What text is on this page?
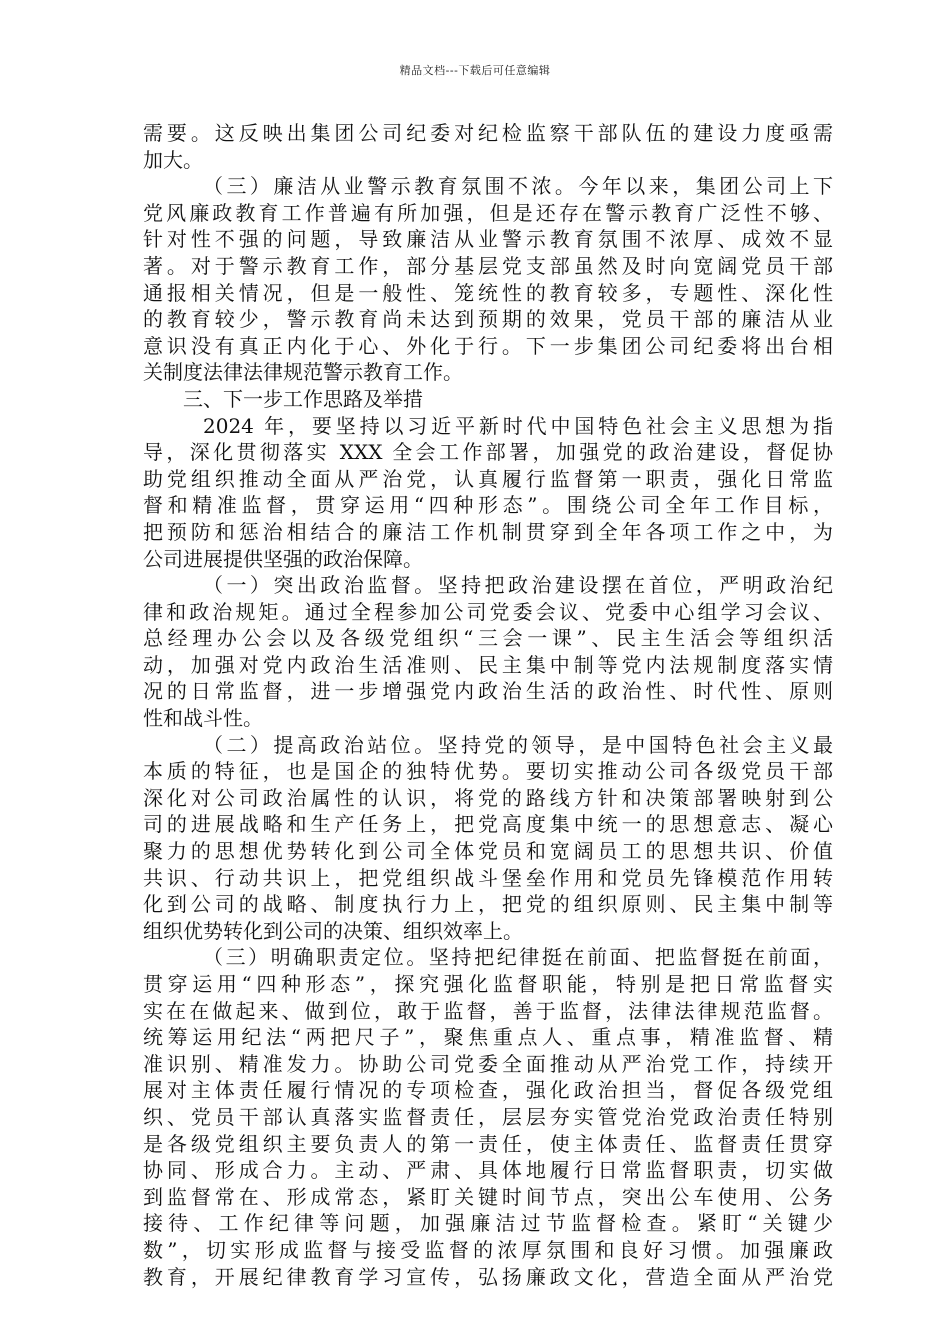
精品文档---下载后可任意编辑
需要。这反映出集团公司纪委对纪检监察干部队伍的建设力度亟需
加大。
（三）廉洁从业警示教育氛围不浓。今年以来，集团公司上下
党风廉政教育工作普遍有所加强，但是还存在警示教育广泛性不够、
针对性不强的问题，导致廉洁从业警示教育氛围不浓厚、成效不显
著。对于警示教育工作，部分基层党支部虽然及时向宽阔党员干部
通报相关情况，但是一般性、笼统性的教育较多，专题性、深化性
的教育较少，警示教育尚未达到预期的效果，党员干部的廉洁从业
意识没有真正内化于心、外化于行。下一步集团公司纪委将出台相
关制度法律法律规范警示教育工作。
三、下一步工作思路及举措
2024 年，要坚持以习近平新时代中国特色社会主义思想为指
导，深化贯彻落实 XXX 全会工作部署，加强党的政治建设，督促协
助党组织推动全面从严治党，认真履行监督第一职责，强化日常监
督和精准监督，贯穿运用“四种形态”。围绕公司全年工作目标，
把预防和惩治相结合的廉洁工作机制贯穿到全年各项工作之中，为
公司进展提供坚强的政治保障。
（一）突出政治监督。坚持把政治建设摆在首位，严明政治纪
律和政治规矩。通过全程参加公司党委会议、党委中心组学习会议、
总经理办公会以及各级党组织“三会一课”、民主生活会等组织活
动，加强对党内政治生活准则、民主集中制等党内法规制度落实情
况的日常监督，进一步增强党内政治生活的政治性、时代性、原则
性和战斗性。
（二）提高政治站位。坚持党的领导，是中国特色社会主义最
本质的特征，也是国企的独特优势。要切实推动公司各级党员干部
深化对公司政治属性的认识，将党的路线方针和决策部署映射到公
司的进展战略和生产任务上，把党高度集中统一的思想意志、凝心
聚力的思想优势转化到公司全体党员和宽阔员工的思想共识、价值
共识、行动共识上，把党组织战斗堡垒作用和党员先锋模范作用转
化到公司的战略、制度执行力上，把党的组织原则、民主集中制等
组织优势转化到公司的决策、组织效率上。
（三）明确职责定位。坚持把纪律挺在前面、把监督挺在前面，
贯穿运用“四种形态”，探究强化监督职能，特别是把日常监督实
实在在做起来、做到位，敢于监督，善于监督，法律法律规范监督。
统筹运用纪法“两把尺子”，聚焦重点人、重点事，精准监督、精
准识别、精准发力。协助公司党委全面推动从严治党工作，持续开
展对主体责任履行情况的专项检查，强化政治担当，督促各级党组
织、党员干部认真落实监督责任，层层夯实管党治党政治责任特别
是各级党组织主要负责人的第一责任，使主体责任、监督责任贯穿
协同、形成合力。主动、严肃、具体地履行日常监督职责，切实做
到监督常在、形成常态，紧盯关键时间节点，突出公车使用、公务
接待、工作纪律等问题，加强廉洁过节监督检查。紧盯“关键少
数”，切实形成监督与接受监督的浓厚氛围和良好习惯。加强廉政
教育，开展纪律教育学习宣传，弘扬廉政文化，营造全面从严治党
